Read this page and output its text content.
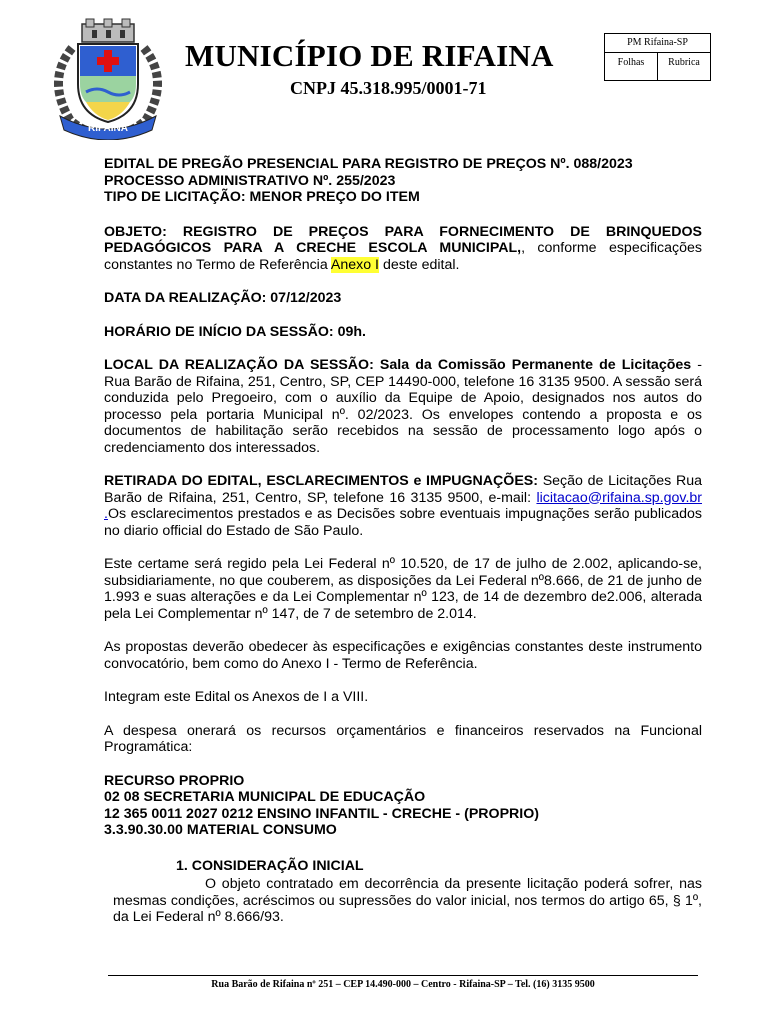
RIFAINA
MUNICÍPIO DE RIFAINA
CNPJ 45.318.995/0001-71
PM Rifaina-SP
Folhas	Rubrica

EDITAL DE PREGÃO PRESENCIAL PARA REGISTRO DE PREÇOS Nº. 088/2023

PROCESSO ADMINISTRATIVO Nº. 255/2023

TIPO DE LICITAÇÃO: MENOR PREÇO DO ITEM

OBJETO: REGISTRO DE PREÇOS PARA FORNECIMENTO DE BRINQUEDOS PEDAGÓGICOS PARA A CRECHE ESCOLA MUNICIPAL,, conforme especificações constantes no Termo de Referência Anexo I deste edital.

DATA DA REALIZAÇÃO: 07/12/2023

HORÁRIO DE INÍCIO DA SESSÃO: 09h.

LOCAL DA REALIZAÇÃO DA SESSÃO: Sala da Comissão Permanente de Licitações - Rua Barão de Rifaina, 251, Centro, SP, CEP 14490-000, telefone 16 3135 9500. A sessão será conduzida pelo Pregoeiro, com o auxílio da Equipe de Apoio, designados nos autos do processo pela portaria Municipal nº. 02/2023. Os envelopes contendo a proposta e os documentos de habilitação serão recebidos na sessão de processamento logo após o credenciamento dos interessados.

RETIRADA DO EDITAL, ESCLARECIMENTOS e IMPUGNAÇÕES: Seção de Licitações Rua Barão de Rifaina, 251, Centro, SP, telefone 16 3135 9500, e-mail: licitacao@rifaina.sp.gov.br .Os esclarecimentos prestados e as Decisões sobre eventuais impugnações serão publicados no diario official do Estado de São Paulo.

Este certame será regido pela Lei Federal nº 10.520, de 17 de julho de 2.002, aplicando-se, subsidiariamente, no que couberem, as disposições da Lei Federal nº8.666, de 21 de junho de 1.993 e suas alterações e da Lei Complementar nº 123, de 14 de dezembro de2.006, alterada pela Lei Complementar nº 147, de 7 de setembro de 2.014.

As propostas deverão obedecer às especificações e exigências constantes deste instrumento convocatório, bem como do Anexo I - Termo de Referência.

Integram este Edital os Anexos de I a VIII.

A despesa onerará os recursos orçamentários e financeiros reservados na Funcional Programática:

RECURSO PROPRIO

02 08 SECRETARIA MUNICIPAL DE EDUCAÇÃO

12 365 0011 2027 0212 ENSINO INFANTIL - CRECHE - (PROPRIO)

3.3.90.30.00 MATERIAL CONSUMO

1. CONSIDERAÇÃO INICIAL

O objeto contratado em decorrência da presente licitação poderá sofrer, nas mesmas condições, acréscimos ou supressões do valor inicial, nos termos do artigo 65, § 1º, da Lei Federal nº 8.666/93.

Rua Barão de Rifaina nº 251 – CEP 14.490-000 – Centro - Rifaina-SP – Tel. (16) 3135 9500
